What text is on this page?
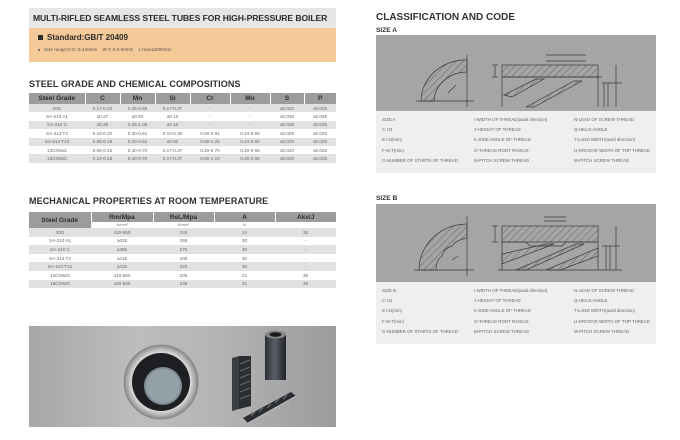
MULTI-RIFLED SEAMLESS STEEL TUBES FOR HIGH-PRESSURE BOILER
Standard:GB/T 20409
Size range:O.D.:5-420mm    W.T.:0.5-50mm    L:max12000mm
STEEL GRADE AND CHEMICAL COMPOSITIONS
Steel Grade	C	Mn	Si	Cr	Mo	S	P
20G	0.17-0.23	0.35-0.65	0.17-0.37	-	-	≤0.020	≤0.025
SA-210 A1	≤0.27	≤0.93	≥0.10	-	-	≤0.035	≤0.035
SA-210 C	≤0.35	0.29-1.06	≥0.10	-	-	≤0.035	≤0.035
SA-213 T2	0.10-0.20	0.30-0.61	0.10-0.30	0.50-0.81	0.44-0.65	≤0.025	≤0.025
SA-213 T12	0.05-0.15	0.30-0.61	≤0.50	0.80-1.25	0.44-0.65	≤0.025	≤0.025
12CrMoG	0.08-0.15	0.40-0.70	0.17-0.37	0.40-0.70	0.40-0.55	≤0.020	≤0.025
15CrMoG	0.12-0.18	0.40-0.70	0.17-0.37	0.80-1.10	0.40-0.55	≤0.020	≤0.025
MECHANICAL PROPERTIES AT ROOM TEMPERATURE
Steel Grade	Rm/Mpa	ReL/Mpa	A	Akv/J
	N/mm²	N/mm²	%	
20G	410-550	245	24	35
SA-210 A1	≥415	255	30	-
SA-210 C	≥485	275	30	-
SA-213 T2	≥415	205	30	-
SA-213 T12	≥415	220	30	-
12CrMoG	410-560	205	21	35
15CrMoG	440-640	235	21	35
CLASSIFICATION AND CODE
SIZE A
SIZE A	I-WIDTH OF THREAD(axial direction)	N-LEAD OF SCREW THREAD
C-I.D	J-HEIGHT OF THREAD	Q-HELIX ANGLE
E-I.D(min)	K-SIDE ANGLE OF THREAD	T-LAND WIDTH(axial direction)
F-W.T(min)	O-THREAD ROOT RADIUS	U-GROOVE WIDTH OF TOP THREAD
G-NUMBER OF STARTS OF THREAD	M-PITCH SCREW THREAD	M-PITCH SCREW THREAD
SIZE B
SIZE B	I-WIDTH OF THREAD(axial direction)	N-LEAD OF SCREW THREAD
C-I.D	J-HEIGHT OF THREAD	Q-HELIX ANGLE
E-I.D(min)	K-SIDE ANGLE OF THREAD	T-LAND WIDTH(axial direction)
F-W.T(min)	O-THREAD ROOT RADIUS	U-GROOVE WIDTH OF TOP THREAD
G-NUMBER OF STARTS OF THREAD	M-PITCH SCREW THREAD	M-PITCH SCREW THREAD
